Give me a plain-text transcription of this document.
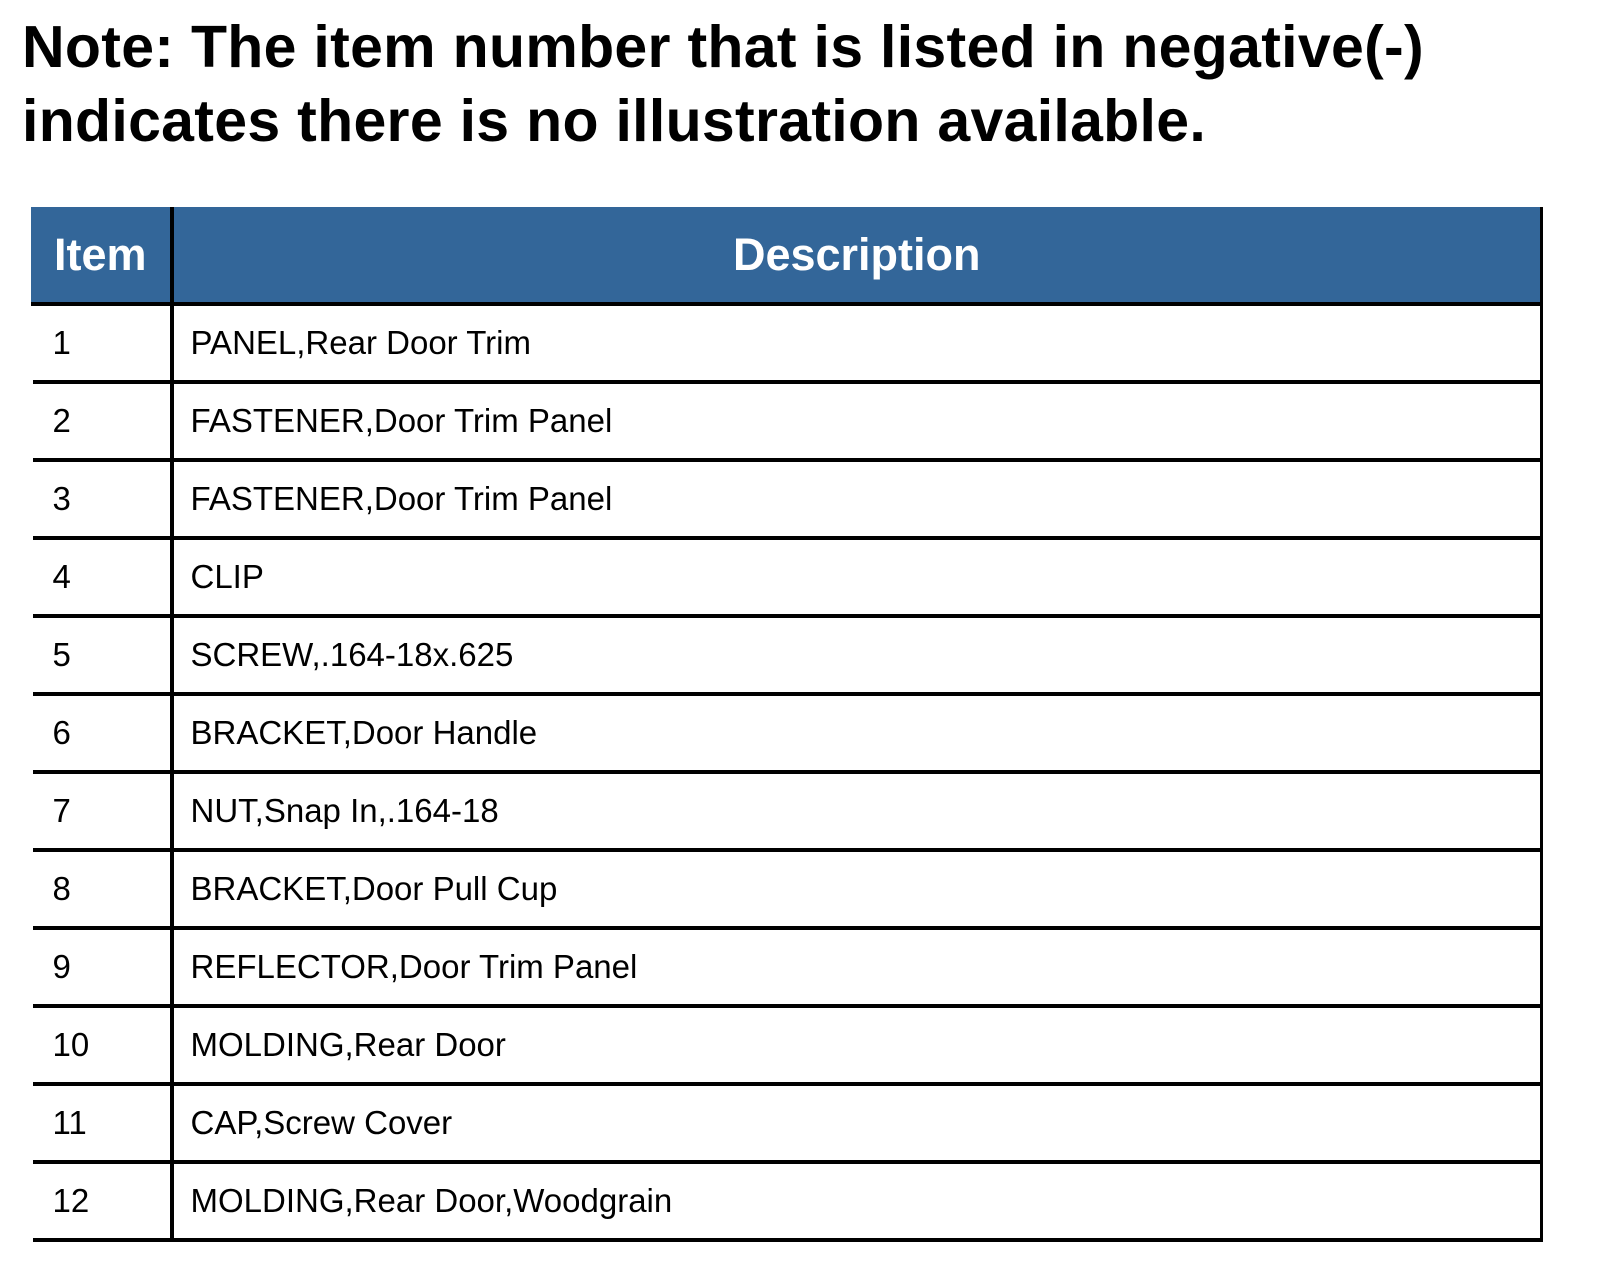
Note: The item number that is listed in negative(-)
indicates there is no illustration available.
Item	Description
1	PANEL,Rear Door Trim
2	FASTENER,Door Trim Panel
3	FASTENER,Door Trim Panel
4	CLIP
5	SCREW,.164-18x.625
6	BRACKET,Door Handle
7	NUT,Snap In,.164-18
8	BRACKET,Door Pull Cup
9	REFLECTOR,Door Trim Panel
10	MOLDING,Rear Door
11	CAP,Screw Cover
12	MOLDING,Rear Door,Woodgrain
